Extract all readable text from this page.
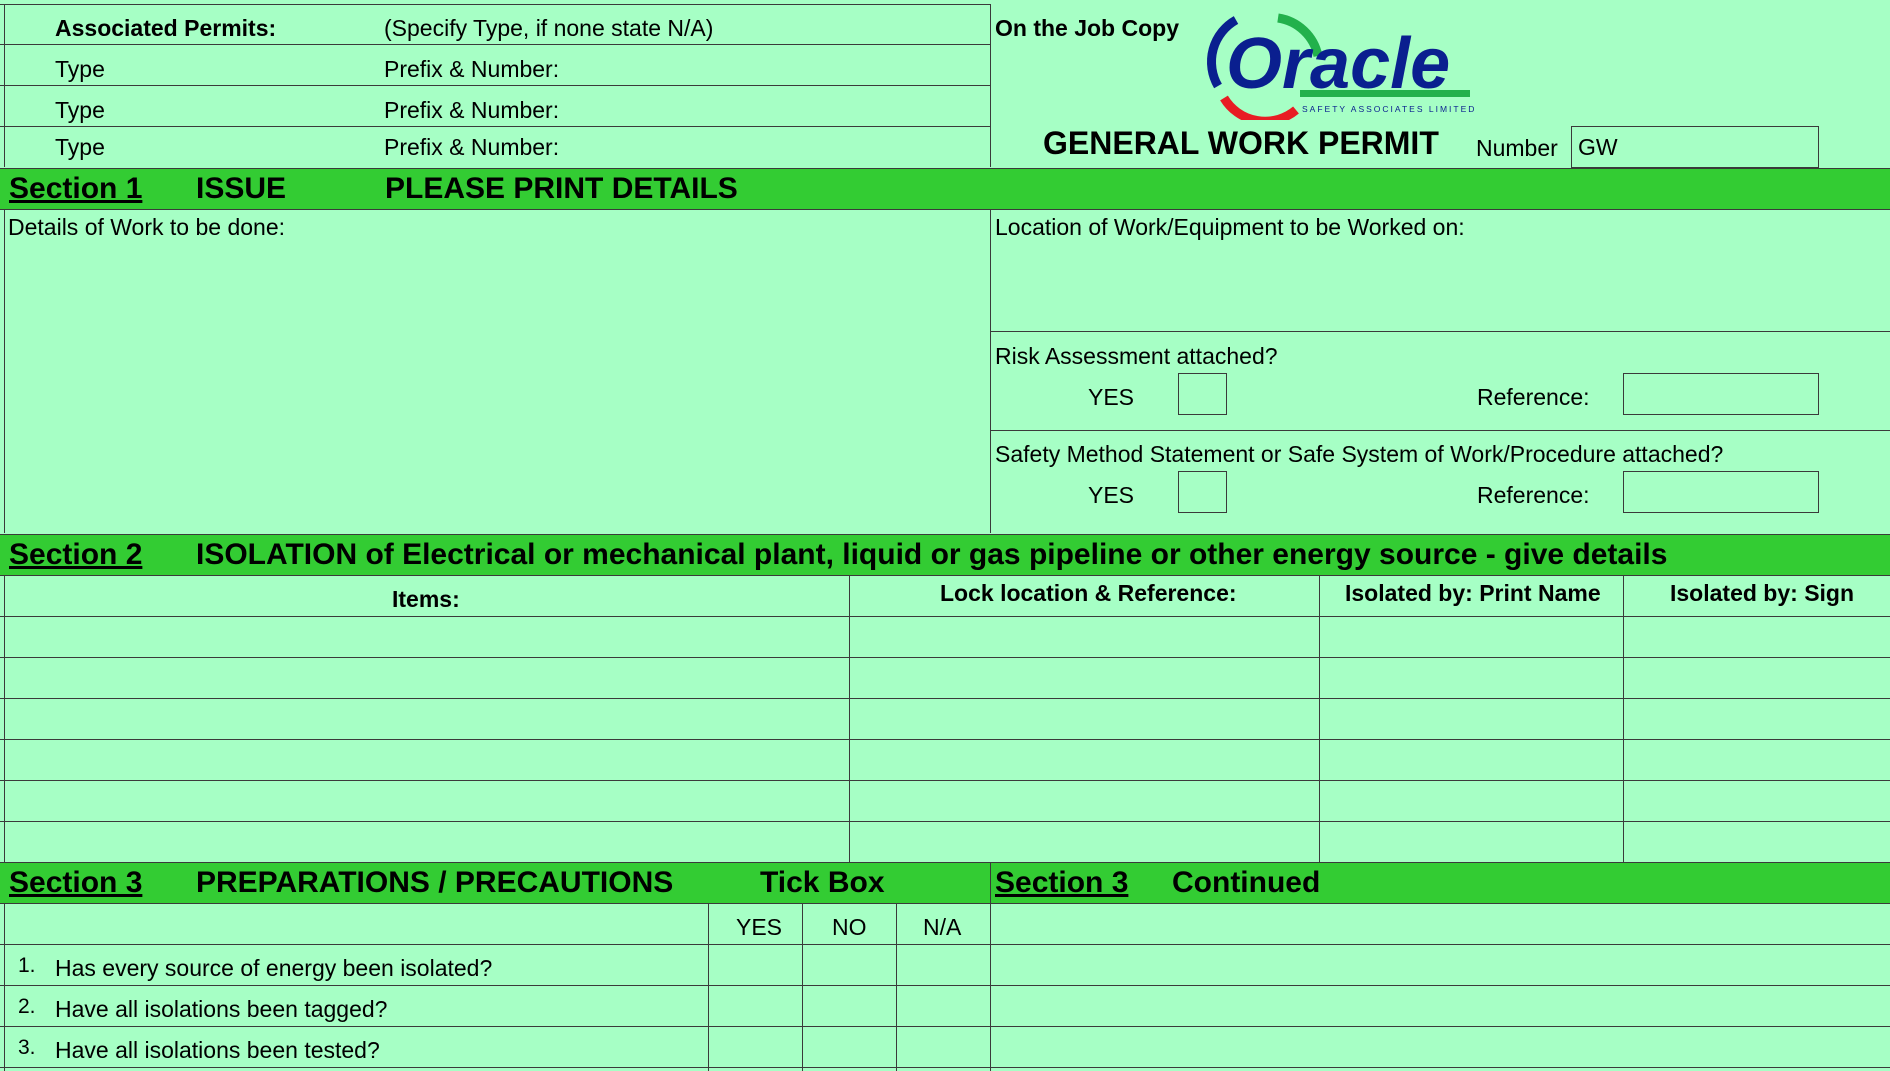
Associated Permits:	(Specify Type, if none state N/A)
Type	Prefix & Number:
Type	Prefix & Number:
Type	Prefix & Number:
On the Job Copy Oracle
SAFETY ASSOCIATES LIMITED
GENERAL WORK PERMIT Number GW
Section 1 ISSUE	PLEASE PRINT DETAILS
Details of Work to be done:	Location of Work/Equipment to be Worked on:
Risk Assessment attached?
YES	Reference:
Safety Method Statement or Safe System of Work/Procedure attached?
YES	Reference:
Section 2 ISOLATION of Electrical or mechanical plant, liquid or gas pipeline or other energy source - give details
Items:	Lock location & Reference:	Isolated by: Print Name	Isolated by: Sign
Section 3 PREPARATIONS / PRECAUTIONS	Tick Box	Section 3 Continued
YES NO N/A
1. Has every source of energy been isolated?
2. Have all isolations been tagged?
3. Have all isolations been tested?
